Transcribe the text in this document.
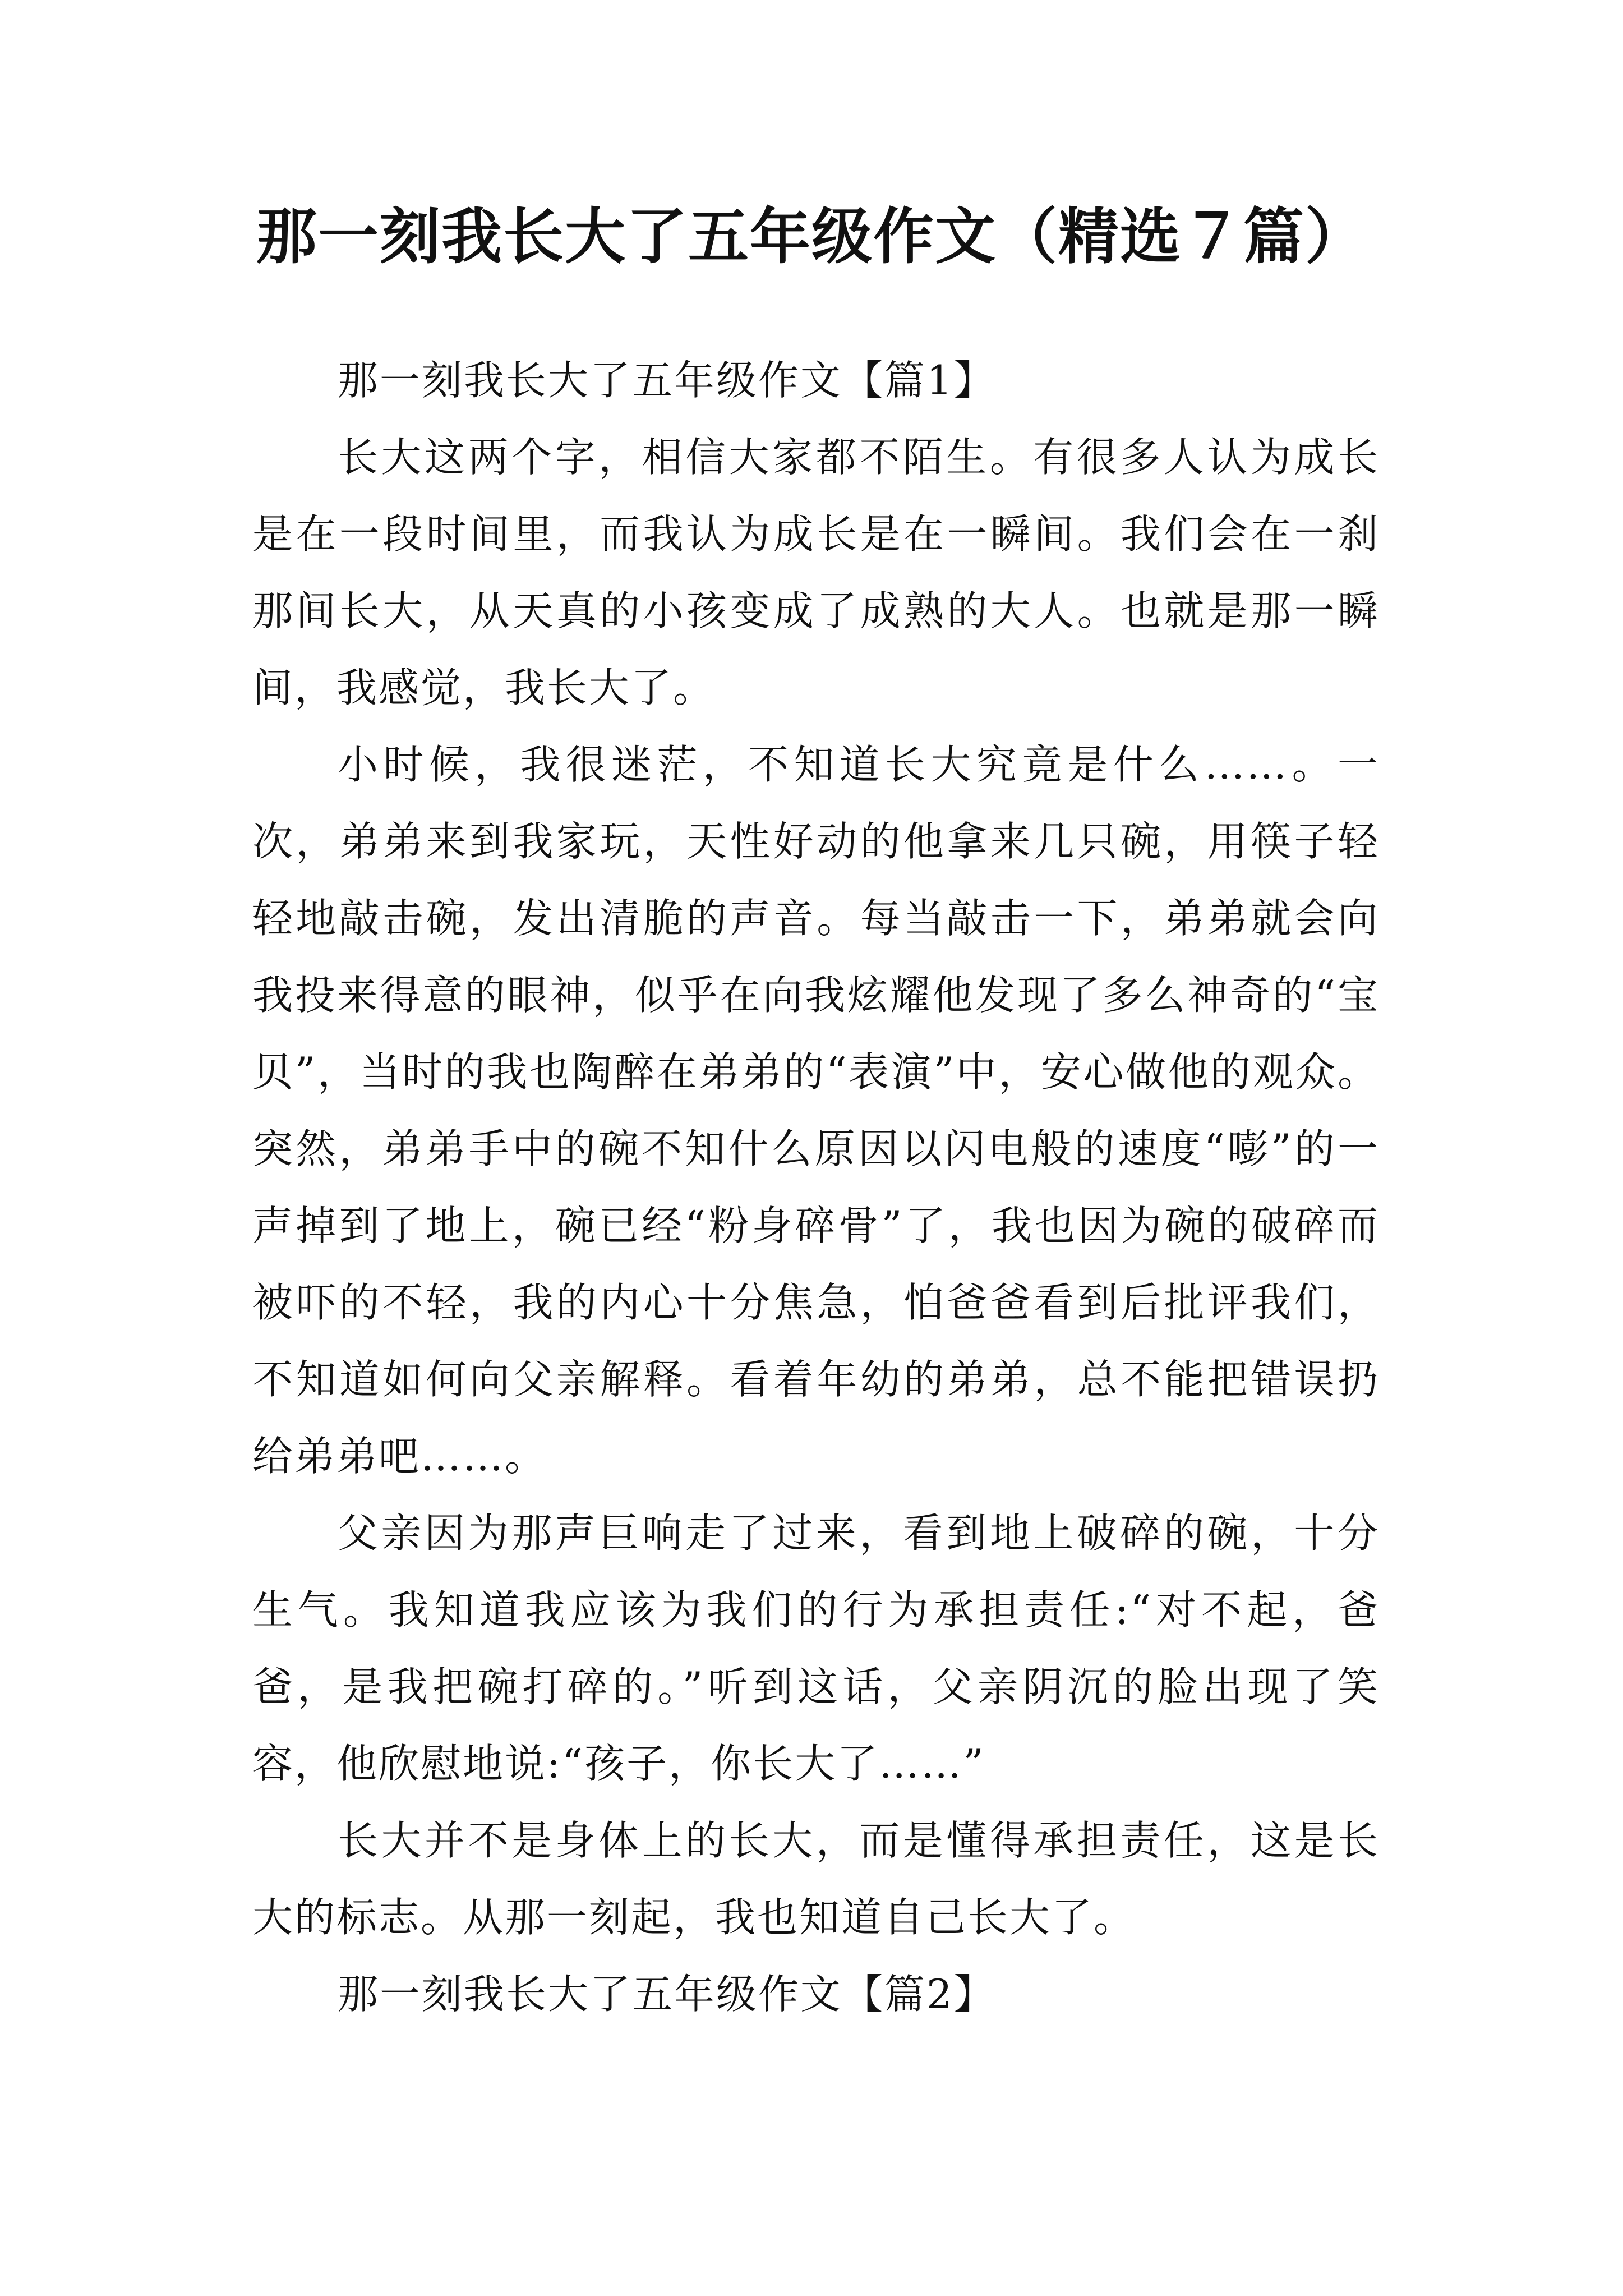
那一刻我长大了五年级作文（精选７篇）

那一刻我长大了五年级作文【篇1】

长大这两个字，相信大家都不陌生。有很多人认为成长是在一段时间里，而我认为成长是在一瞬间。我们会在一刹那间长大，从天真的小孩变成了成熟的大人。也就是那一瞬间，我感觉，我长大了。

小时候，我很迷茫，不知道长大究竟是什么……。一次，弟弟来到我家玩，天性好动的他拿来几只碗，用筷子轻轻地敲击碗，发出清脆的声音。每当敲击一下，弟弟就会向我投来得意的眼神，似乎在向我炫耀他发现了多么神奇的“宝贝”，当时的我也陶醉在弟弟的“表演”中，安心做他的观众。突然，弟弟手中的碗不知什么原因以闪电般的速度“嘭”的一声掉到了地上，碗已经“粉身碎骨”了，我也因为碗的破碎而被吓的不轻，我的内心十分焦急，怕爸爸看到后批评我们，不知道如何向父亲解释。看着年幼的弟弟，总不能把错误扔给弟弟吧……。

父亲因为那声巨响走了过来，看到地上破碎的碗，十分生气。我知道我应该为我们的行为承担责任:“对不起，爸爸，是我把碗打碎的。”听到这话，父亲阴沉的脸出现了笑容，他欣慰地说:“孩子，你长大了……”

长大并不是身体上的长大，而是懂得承担责任，这是长大的标志。从那一刻起，我也知道自己长大了。

那一刻我长大了五年级作文【篇2】
